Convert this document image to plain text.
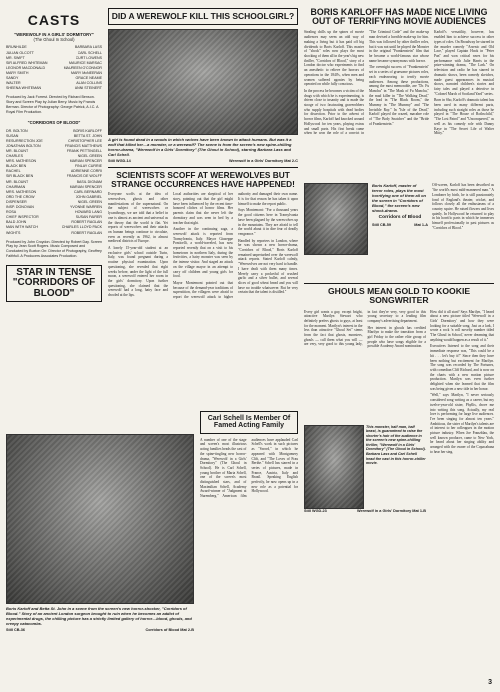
CASTS
"WEREWOLF IN A GIRLS' DORMITORY"
(The Ghoul In School)
BRUNHILDE	BARBARA LASS
JULIAN OLCOTT	CARL SCHELL
MR. SWIFT	CURT LOWENS
SIR ALFRED WHITEMAN	MAURICE MARSAC
LEONOR MACDONALD	MAUREEN O'CONNOR
MARY SMITH	MARY McNEERAN
SANDY	GRACE NEAME
WALTER	ALAN COLLINS
SHEENA WHITEMAN	ANNI STEINERT
Produced by Jack Forrest. Directed by Richard Benson. Story and Screen Play by Julian Berry. Music by Francis Berman. Director of Photography: George Patrick, A.I.C. A Royal Film Production.
"CORRIDORS OF BLOOD"
DR. BOLTON	BORIS KARLOFF
SUSAN	BETTA ST. JOHN
RESURRECTION JOE	CHRISTOPHER LEE
JONATHAN BOLTON	FRANCIS MATTHEWS
MR. BLOUNT	FRANK PETTINGELL
CHARLES	NIGEL GREEN
MRS. MATHESON	MARIAN SPENCER
BLACK BEN	FINLAY CURRIE
RACHEL	ADRIENNE CORRI
SIR BLACK BEN	FRANCIS DE WOLFF
MR. BLOUNT	BASIL DIGNAM
CHAIRMAN	MARIAN SPENCER
MRS. MATHESON	CARL BERNARD
ORD THE CROW	JOHN GABRIEL
DISPENSER	NIGEL GREEN
INSP. DONOVAN	YVONNE WARREN
ROSA	HOWARD LANG
CHIEF INSPECTOR	SUSAN FAIRER
BALD JOHN	ROBERT RAGLAN
MAN WITH WATCH	CHARLES LLOYD PACK
WIGHTS	ROBERT RAGLAN
Produced by John Croydon. Directed by Robert Day. Screen Play by Jean Scott Rogers. Music Composed and Conducted by Buxton Orr. Director of Photography, Geoffrey Faithfull. A Producers Associates Production.
STAR IN TENSE "CORRIDORS OF BLOOD"
DID A WEREWOLF KILL THIS SCHOOLGIRL?
A girl is found dead in a woods in which wolves have been known to attack humans. But was it a wolf that killed her—a monster, or a werewolf? The scene is from the screen's new spine-chilling horror-drama, "Werewolf in a Girls' Dormitory" (The Ghoul in School), starring Barbara Lass and Carl Schell.
Still WGD-14	Werewolf in a Girls' Dormitory Mat 2-C
SCIENTISTS SCOFF AT WEREWOLVES BUT STRANGE OCCURRENCES HAVE HAPPENED!

Everyone scoffs at the idea of werewolves, ghosts and other manifestations of the supernatural. On the subject of werewolves or lycanthropy, we are told that a belief in one is almost as ancient and universal as the theory that the world is flat. Yet reports of werewolves and their attacks on human beings continue to circulate, even as recently as 1962, in almost medieval districts of Europe.

A lonely 15-year-old student at an exclusive girls' school outside Turin, Italy, was found pregnant during a routine physical examination. Upon questioning, she revealed that eight weeks before, under the light of the full moon, a werewolf entered her room in the girls' dormitory. Upon further questioning, she claimed that the werewolf had a long, hairy face and drooled at the lips.

Local authorities are skeptical of her story, pointing out that the girl might have been influenced by the recent time-honored cliches of horror films. Her parents claim that she never left the dormitory and was seen in bed by a teacher that night.

Another in the continuing saga, a werewolf attack is reported from Transylvania, Italy. Mayor Giuseppe Ponticelli, a world-traveled, has now reported recently that on a visit to his hometown in northern Italy, during the festivities, a hairy monster was seen by the intense visitor. And staged an attack on the village mayor in an attempt to carry off children and young girls for food.

Mayor Montemont pointed out that because of the demand-year traditions of superstition, the villagers were afraid to report the werewolf attack to higher authority and damaged their own name. It is for that reason he has taken it upon himself to make the report public.

Says Montemont: "For a thousand years the good citizens here in Transylvania have been plagued by the werewolves up in the mountains. They are afraid to tell the world about it in dire fear of deadly vengeance."

Handled by reporters in London, where he was shown a new horror-drama, "Corridors of Blood," Boris Karloff remained unperturbed over the werewolf attack reports. Stated Karloff calmly, "Werewolves are not very hard to handle. I have dealt with them many times. Merely carry a pocketful of crushed garlic and a silver bullet, and several slices of good wheat bread and you will have no trouble whatsoever. But be very certain that the talent is distilled."

Boris Karloff and Betta St. John in a scene from the screen's new horror-shocker, "Corridors of Blood." Story of an ancient London surgeon brought to ruin when he becomes an addict of experimental drugs, the chilling picture has a strictly limited gallery of horror—blood, ghouls, and creepy catacombs.
Still CB-36	Corridors of Blood Mat 2-B
Carl Schell Is Member Of Famed Acting Family
A number of one of the stage and screen's most illustrious acting families heads the cast of the spine-tingling new horror-drama, "Werewolf in a Girls' Dormitory" (The Ghoul in School). He is Carl Schell, young brother of Maria Schell, one of the screen's most distinguished stars, and of Maximilian Schell, Academy Award-winner of "Judgment at Nuremberg." American film audiences have applauded Carl Schell's work in such pictures as "Sword," in which he appeared with Montgomery Clift, and "The Loves of Frau Berthe." Schell has starred in a series of pictures, made in France, Austria, Italy and Brazil. Speaking English perfectly, he now opens up in a new role as a potential for Hollywood.
BORIS KARLOFF HAS MADE NICE LIVING OUT OF TERRIFYING MOVIE AUDIENCES

Stealing chills up the spines of movie audiences may seem an odd way of making a living but it has paid off big dividends to Boris Karloff. This master of "shock" roles now plays the most shocking of them all in the year's big new thriller, "Corridors of Blood," story of a London doctor who experiments to find an anesthetic to relieve the horrors of operations in the 1840's, when men and women suffered agonies by being operated on while fully conscious.

In the process he becomes a victim of the drugs with which he is experimenting, is driven close to insanity and is made the stooge of two fascinating graverobbers who supply hospitals with dead bodies for dissection. Prior to the advent of horror films, Karloff had knocked around Hollywood for ten years, playing extras and small parts. His first break came when he won the role of a convict in "The Criminal Code" and the make-up man devised a horrible make-up for him. This was followed by other thriller roles, but it was not until he played the Monster in the original "Frankenstein" film that he became a world-famous star whose name became synonymous with horror.

The overnight success of "Frankenstein" set in a series of gruesome pictures roles, each endeavoring to terrify movie audiences. Among these productions, among the most memorable, are "Dr. Fu Manchu" in "The Mask of Fu Manchu," the mad killer in "The Walking Dead," the lead in "The Black Room," the Mummy in "The Mummy" and "The Invisible Ray." In "Isle of the Dead," Karloff played the crazed, macabre role of "The Body Snatcher" and the "Bride of Frankenstein."

Karloff's versatility, however, has enabled him to achieve success in other types of roles. On Broadway he starred in the murder comedy "Arsenic and Old Lace," played Captain Hook in "Peter Pan" and won critical raves for his performance with Julie Harris in the prize-winning drama, "The Lark." On television and radio he has starred in dramatic shows, been comedy sketches, made guest appearances in musical shows, narrated children's stories and fairy tales and played a detective in "Colonel March of Scotland Yard" series.

Born in Sho, Karloff's dramatic talent has been used in many different parts, including such straight roles as those he played in "The House of Rothschild," "The Lost Patrol" and "Unconquered," as well as his comedy role with Danny Kaye in "The Secret Life of Walter Mitty."

Boris Karloff, master of terror roles, plays the most horrifying one of them all on the screen in "Corridors of Blood," the screen's new shock-drama.
Corridors of Blood
Still CB-59	Mat 1-A
Off-screen, Karloff has been described as "the world's most mild-mannered man." A Londoner by birth, he is still passionately fond of England's theater, cricket, and follows closely all the enthusiasms of a country squire. He raised flowers and lives quietly. In Hollywood he returned to play in his horrific parts in which he immerses himself professionally in past pictures as "Corridors of Blood."
GHOULS MEAN GOLD TO KOOKIE SONGWRITER

Every girl wants a guy, except bright, attractive Marilyn Stewart who definitely prefers ghosts to guys, at least for the moment. Marilyn's interest in the less than attractive "Ghoul Set" stems from the fact that ghosts, monsters, ghouls — call them what you will — are very, very good to this young lady, in fact they're very, very good in this young secretary to a leading film company's advertising department.

Her interest in ghouls has credited Marilyn to make the transition from a girl Friday to the rather elite group of people who have songs eligible for a possible Academy Award nomination.

This monster, half man, half beast, is guaranteed to raise the shorter's hair of the audience in the screen's new spine-chilling thriller, "Werewolf in a Girls' Dormitory" (The Ghoul in School). Barbara Lass and Carl Schell head the cast in this horror-chiller movie.
Still WGD-23	Werewolf in a Girls' Dormitory Mat 1-B

How did it all start? Says Marilyn, "I heard about a new picture titled 'Werewolf in a Girls' Dormitory' and how they were looking for a suitable song. Just as a lark, I wrote a rock 'n roll novelty number titled 'The Ghoul in School,' never dreaming that anything would happen as a result of it."

Executives listened to the song and their immediate response was, "This could be a hit . . . let's buy it!" Since then they have been nothing but excitement for Marilyn. The song was recorded by The Fortunes, with comedian Cliff Richard, and is now on the charts with a new motion picture production. Marilyn was even further delighted when she learned that the film was being given a new title in her honor.

"Well," says Marilyn, "I never seriously considered song writing as a career, but my twelve-year-old sister, Phyllis, drove me into writing this song. Actually, my real love is performing for large live audiences. I've been singing for almost ten years." Ambitious, the sister of Marilyn's talents are of interest to her colleagues in the motion picture industry. When Joe Franzblau, the well known producer, came to New York, he heard about her singing ability and arranged with the owner of the Copacabana to hear her sing.

3
